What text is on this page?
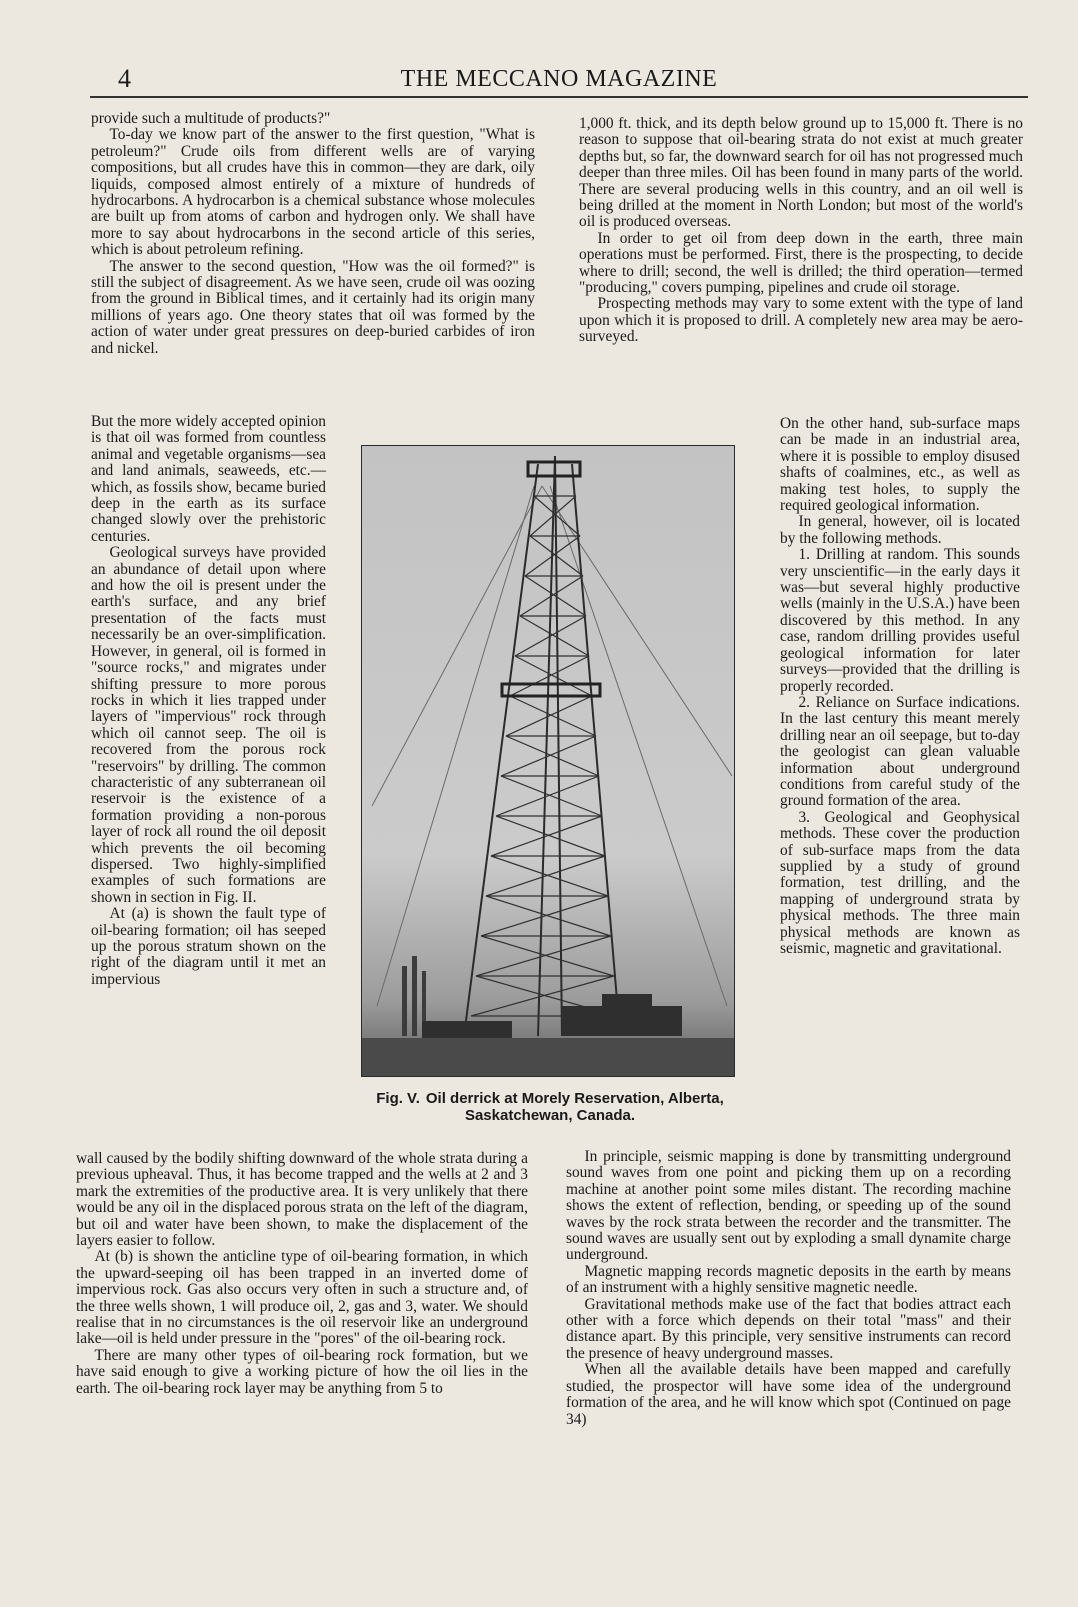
4	THE MECCANO MAGAZINE

provide such a multitude of products?"

To-day we know part of the answer to the first question, "What is petroleum?" Crude oils from different wells are of varying compositions, but all crudes have this in common—they are dark, oily liquids, composed almost entirely of a mixture of hundreds of hydrocarbons. A hydrocarbon is a chemical substance whose molecules are built up from atoms of carbon and hydrogen only. We shall have more to say about hydrocarbons in the second article of this series, which is about petroleum refining.

The answer to the second question, "How was the oil formed?" is still the subject of disagreement. As we have seen, crude oil was oozing from the ground in Biblical times, and it certainly had its origin many millions of years ago. One theory states that oil was formed by the action of water under great pressures on deep-buried carbides of iron and nickel.

But the more widely accepted opinion is that oil was formed from countless animal and vegetable organisms—sea and land animals, seaweeds, etc.—which, as fossils show, became buried deep in the earth as its surface changed slowly over the prehistoric centuries.

Geological surveys have provided an abundance of detail upon where and how the oil is present under the earth's surface, and any brief presentation of the facts must necessarily be an over-simplification. However, in general, oil is formed in "source rocks," and migrates under shifting pressure to more porous rocks in which it lies trapped under layers of "impervious" rock through which oil cannot seep. The oil is recovered from the porous rock "reservoirs" by drilling. The common characteristic of any subterranean oil reservoir is the existence of a formation providing a non-porous layer of rock all round the oil deposit which prevents the oil becoming dispersed. Two highly-simplified examples of such formations are shown in section in Fig. II.

At (a) is shown the fault type of oil-bearing formation; oil has seeped up the porous stratum shown on the right of the diagram until it met an impervious

wall caused by the bodily shifting downward of the whole strata during a previous upheaval. Thus, it has become trapped and the wells at 2 and 3 mark the extremities of the productive area. It is very unlikely that there would be any oil in the displaced porous strata on the left of the diagram, but oil and water have been shown, to make the displacement of the layers easier to follow.

At (b) is shown the anticline type of oil-bearing formation, in which the upward-seeping oil has been trapped in an inverted dome of impervious rock. Gas also occurs very often in such a structure and, of the three wells shown, 1 will produce oil, 2, gas and 3, water. We should realise that in no circumstances is the oil reservoir like an underground lake—oil is held under pressure in the "pores" of the oil-bearing rock.

There are many other types of oil-bearing rock formation, but we have said enough to give a working picture of how the oil lies in the earth. The oil-bearing rock layer may be anything from 5 to

1,000 ft. thick, and its depth below ground up to 15,000 ft. There is no reason to suppose that oil-bearing strata do not exist at much greater depths but, so far, the downward search for oil has not progressed much deeper than three miles. Oil has been found in many parts of the world. There are several producing wells in this country, and an oil well is being drilled at the moment in North London; but most of the world's oil is produced overseas.

In order to get oil from deep down in the earth, three main operations must be performed. First, there is the prospecting, to decide where to drill; second, the well is drilled; the third operation—termed "producing," covers pumping, pipelines and crude oil storage.

Prospecting methods may vary to some extent with the type of land upon which it is proposed to drill. A completely new area may be aero-surveyed.

On the other hand, sub-surface maps can be made in an industrial area, where it is possible to employ disused shafts of coalmines, etc., as well as making test holes, to supply the required geological information.

In general, however, oil is located by the following methods.

1. Drilling at random. This sounds very unscientific—in the early days it was—but several highly productive wells (mainly in the U.S.A.) have been discovered by this method. In any case, random drilling provides useful geological information for later surveys—provided that the drilling is properly recorded.

2. Reliance on Surface indications. In the last century this meant merely drilling near an oil seepage, but to-day the geologist can glean valuable information about underground conditions from careful study of the ground formation of the area.

3. Geological and Geophysical methods. These cover the production of sub-surface maps from the data supplied by a study of ground formation, test drilling, and the mapping of underground strata by physical methods. The three main physical methods are known as seismic, magnetic and gravitational.

In principle, seismic mapping is done by transmitting underground sound waves from one point and picking them up on a recording machine at another point some miles distant. The recording machine shows the extent of reflection, bending, or speeding up of the sound waves by the rock strata between the recorder and the transmitter. The sound waves are usually sent out by exploding a small dynamite charge underground.

Magnetic mapping records magnetic deposits in the earth by means of an instrument with a highly sensitive magnetic needle.

Gravitational methods make use of the fact that bodies attract each other with a force which depends on their total "mass" and their distance apart. By this principle, very sensitive instruments can record the presence of heavy underground masses.

When all the available details have been mapped and carefully studied, the prospector will have some idea of the underground formation of the area, and he will know which spot (Continued on page 34)

Fig. V. Oil derrick at Morely Reservation, Alberta, Saskatchewan, Canada.
